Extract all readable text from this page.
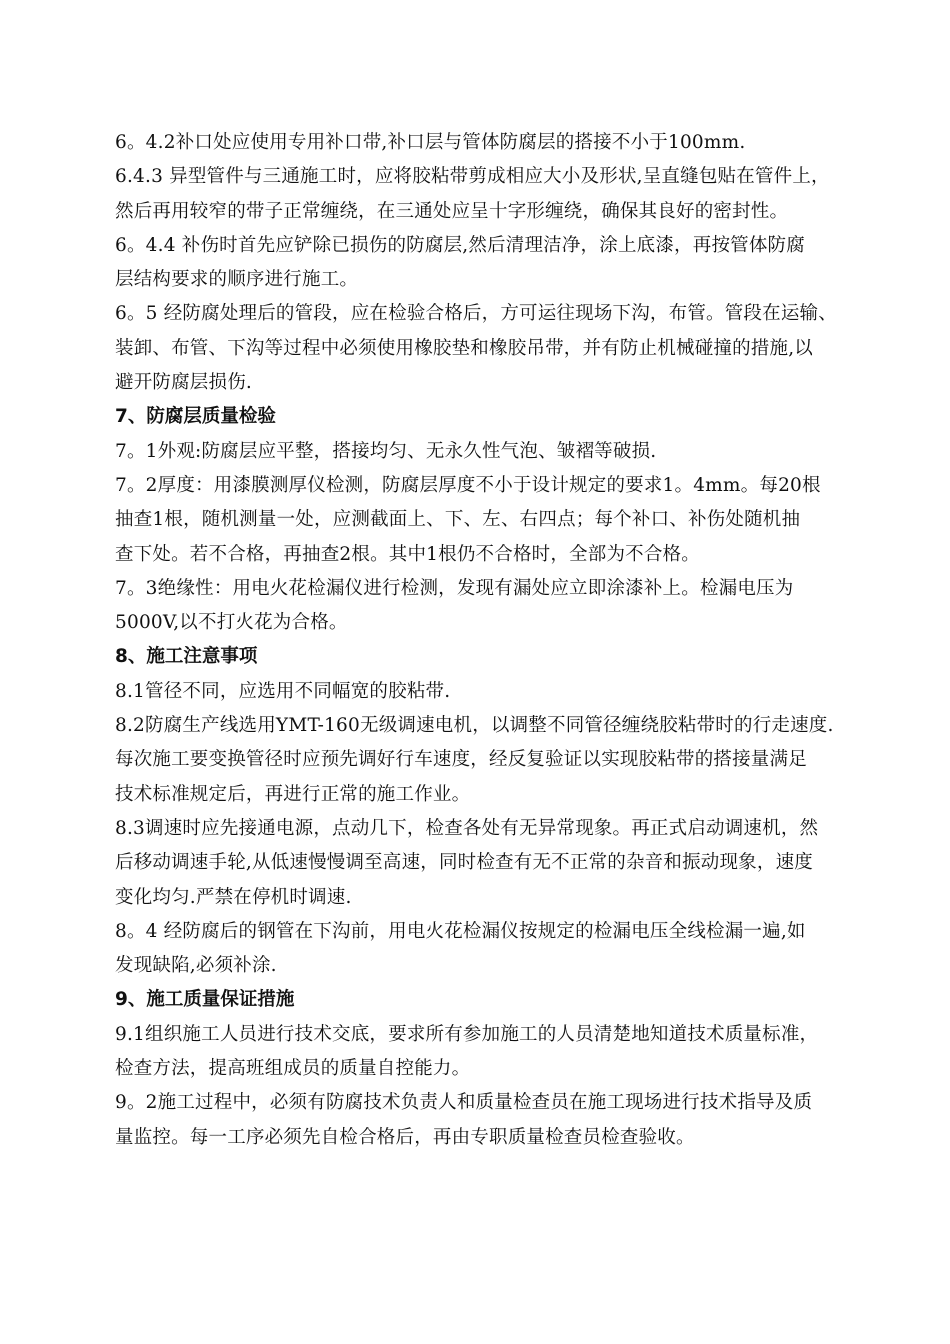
6。4.2补口处应使用专用补口带,补口层与管体防腐层的搭接不小于100mm.
6.4.3 异型管件与三通施工时，应将胶粘带剪成相应大小及形状,呈直缝包贴在管件上，
然后再用较窄的带子正常缠绕，在三通处应呈十字形缠绕，确保其良好的密封性。
6。4.4 补伤时首先应铲除已损伤的防腐层,然后清理洁净，涂上底漆，再按管体防腐
层结构要求的顺序进行施工。
6。5 经防腐处理后的管段，应在检验合格后，方可运往现场下沟，布管。管段在运输、
装卸、布管、下沟等过程中必须使用橡胶垫和橡胶吊带，并有防止机械碰撞的措施,以
避开防腐层损伤.
7、防腐层质量检验
7。1外观:防腐层应平整，搭接均匀、无永久性气泡、皱褶等破损.
7。2厚度：用漆膜测厚仪检测，防腐层厚度不小于设计规定的要求1。4mm。每20根
抽查1根，随机测量一处，应测截面上、下、左、右四点；每个补口、补伤处随机抽
查下处。若不合格，再抽查2根。其中1根仍不合格时，全部为不合格。
7。3绝缘性：用电火花检漏仪进行检测，发现有漏处应立即涂漆补上。检漏电压为
5000V,以不打火花为合格。
8、施工注意事项
8.1管径不同，应选用不同幅宽的胶粘带.
8.2防腐生产线选用YMT-160无级调速电机，以调整不同管径缠绕胶粘带时的行走速度.
每次施工要变换管径时应预先调好行车速度，经反复验证以实现胶粘带的搭接量满足
技术标准规定后，再进行正常的施工作业。
8.3调速时应先接通电源，点动几下，检查各处有无异常现象。再正式启动调速机，然
后移动调速手轮,从低速慢慢调至高速，同时检查有无不正常的杂音和振动现象，速度
变化均匀.严禁在停机时调速.
8。4 经防腐后的钢管在下沟前，用电火花检漏仪按规定的检漏电压全线检漏一遍,如
发现缺陷,必须补涂.
9、施工质量保证措施
9.1组织施工人员进行技术交底，要求所有参加施工的人员清楚地知道技术质量标准，
检查方法，提高班组成员的质量自控能力。
9。2施工过程中，必须有防腐技术负责人和质量检查员在施工现场进行技术指导及质
量监控。每一工序必须先自检合格后，再由专职质量检查员检查验收。
